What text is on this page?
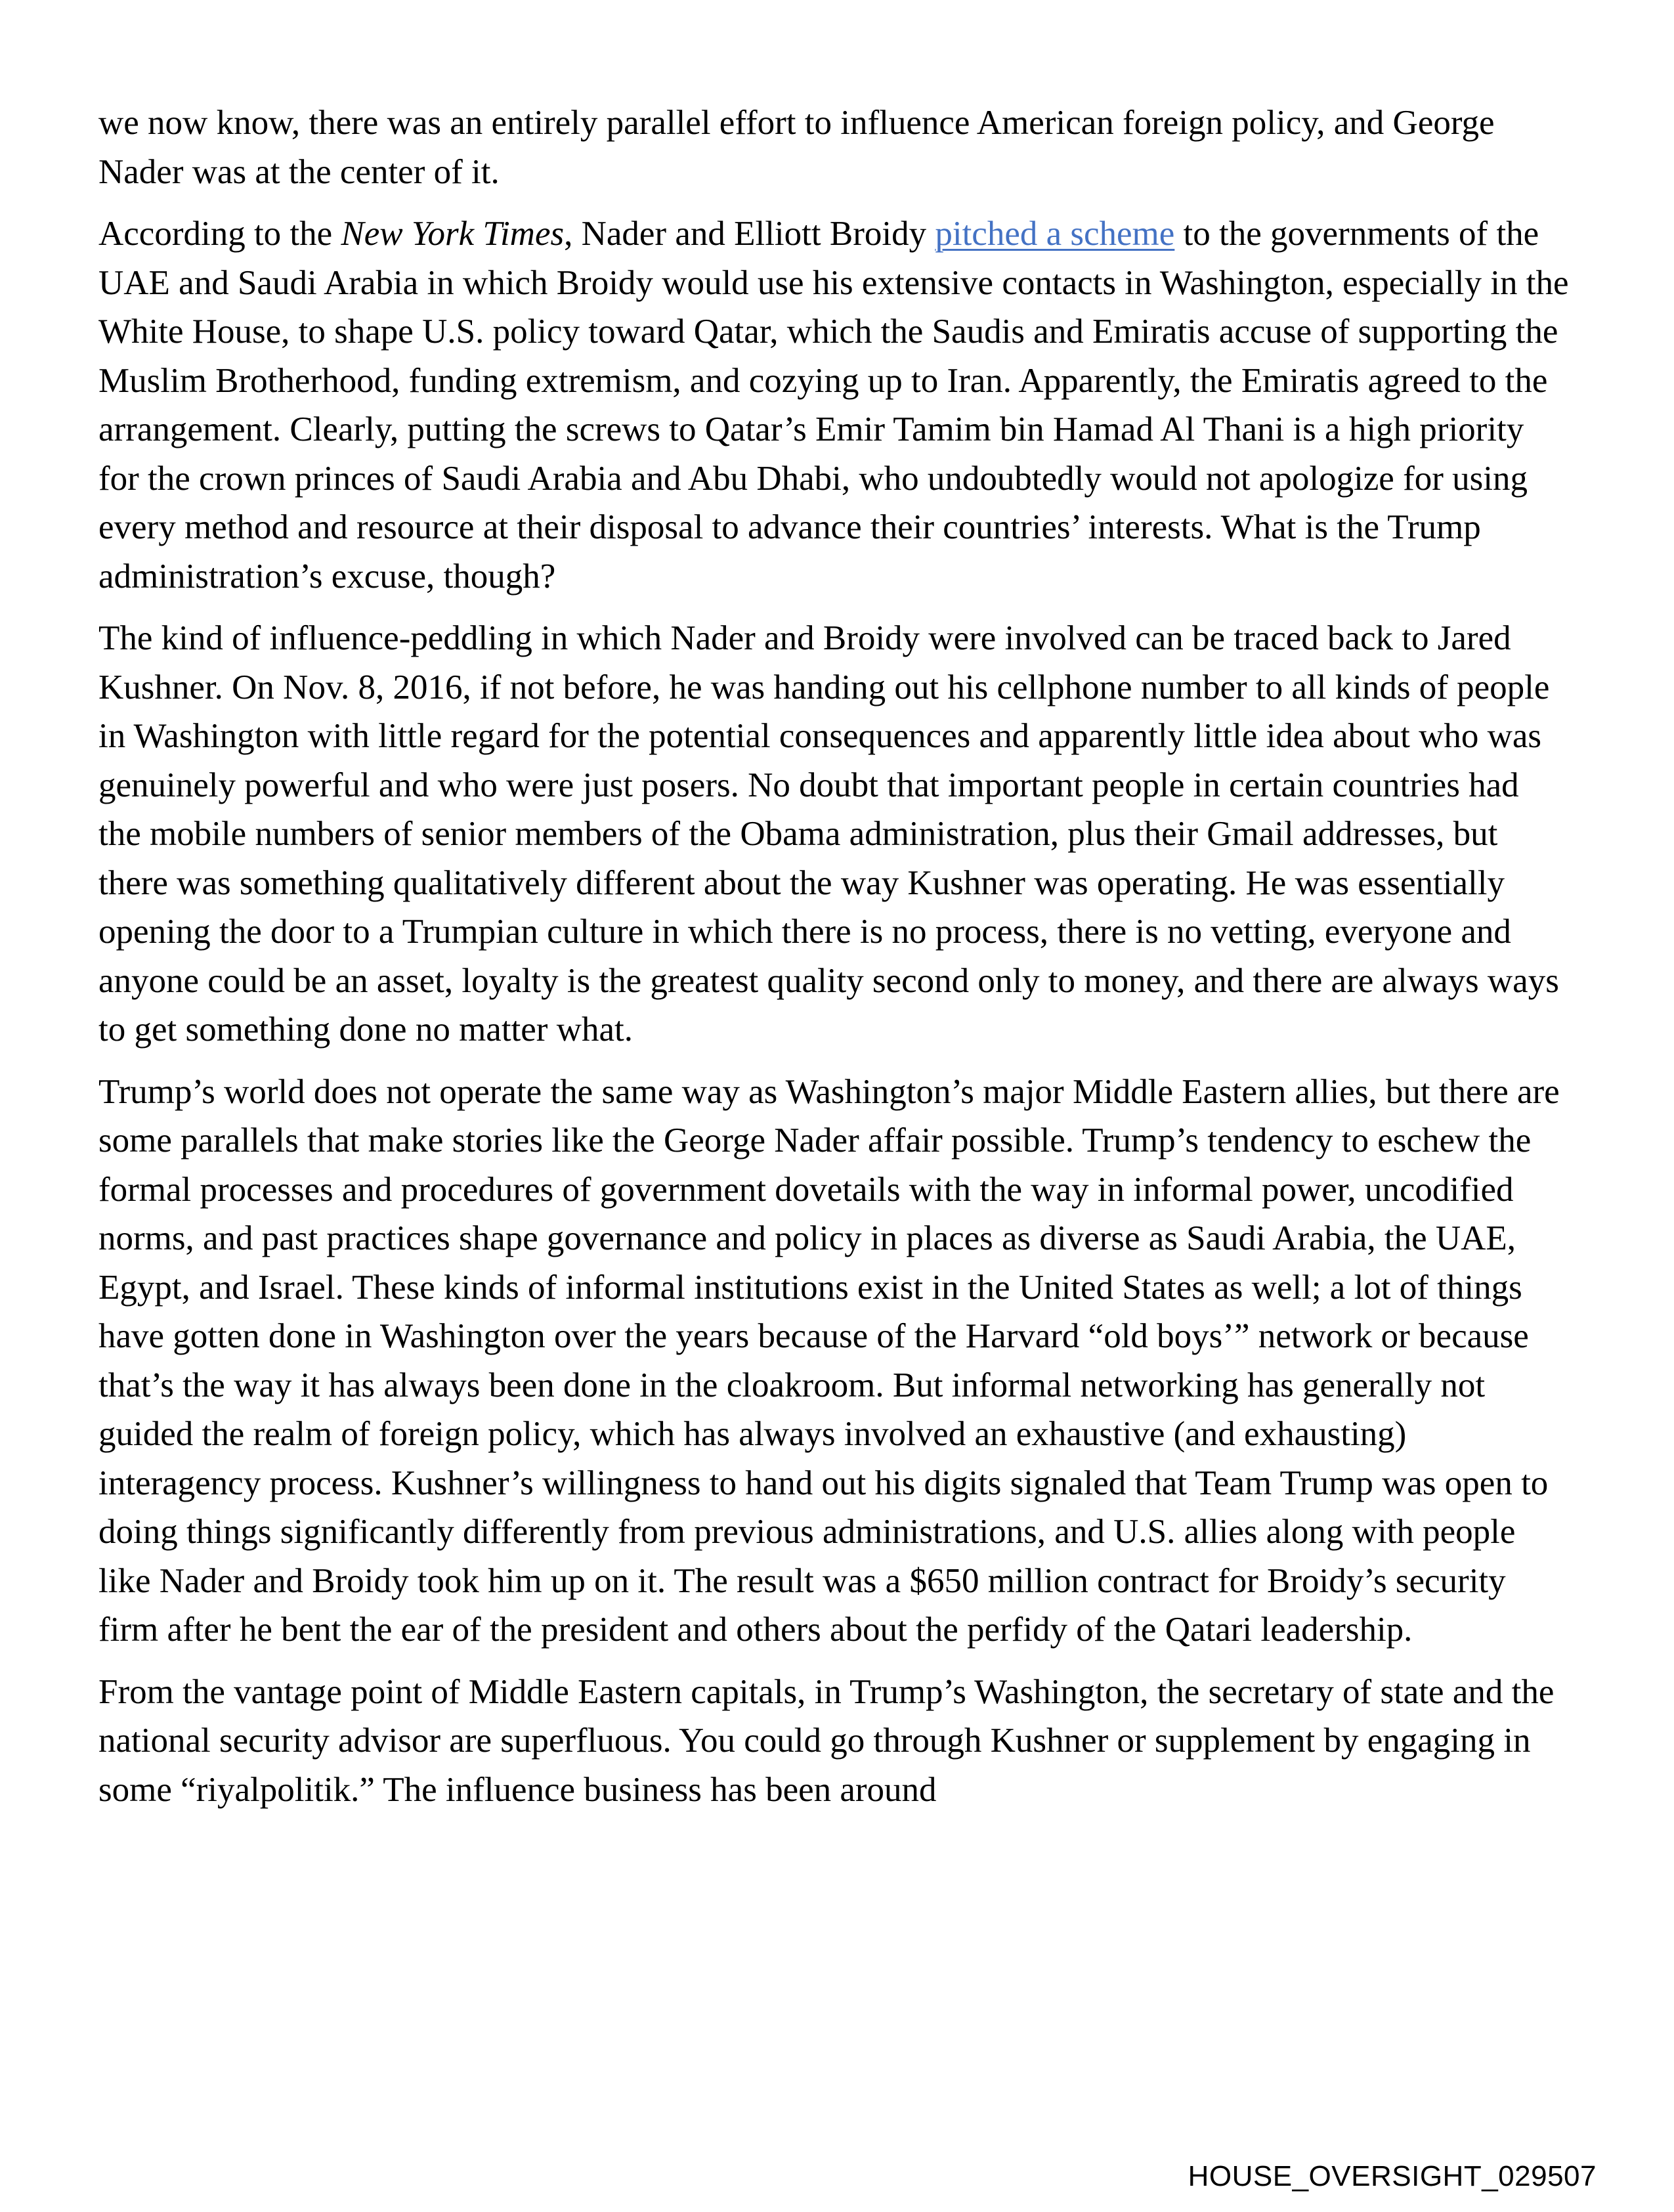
we now know, there was an entirely parallel effort to influence American foreign policy, and George Nader was at the center of it.

According to the New York Times, Nader and Elliott Broidy pitched a scheme to the governments of the UAE and Saudi Arabia in which Broidy would use his extensive contacts in Washington, especially in the White House, to shape U.S. policy toward Qatar, which the Saudis and Emiratis accuse of supporting the Muslim Brotherhood, funding extremism, and cozying up to Iran. Apparently, the Emiratis agreed to the arrangement. Clearly, putting the screws to Qatar’s Emir Tamim bin Hamad Al Thani is a high priority for the crown princes of Saudi Arabia and Abu Dhabi, who undoubtedly would not apologize for using every method and resource at their disposal to advance their countries’ interests. What is the Trump administration’s excuse, though?

The kind of influence-peddling in which Nader and Broidy were involved can be traced back to Jared Kushner. On Nov. 8, 2016, if not before, he was handing out his cellphone number to all kinds of people in Washington with little regard for the potential consequences and apparently little idea about who was genuinely powerful and who were just posers. No doubt that important people in certain countries had the mobile numbers of senior members of the Obama administration, plus their Gmail addresses, but there was something qualitatively different about the way Kushner was operating. He was essentially opening the door to a Trumpian culture in which there is no process, there is no vetting, everyone and anyone could be an asset, loyalty is the greatest quality second only to money, and there are always ways to get something done no matter what.

Trump’s world does not operate the same way as Washington’s major Middle Eastern allies, but there are some parallels that make stories like the George Nader affair possible. Trump’s tendency to eschew the formal processes and procedures of government dovetails with the way in informal power, uncodified norms, and past practices shape governance and policy in places as diverse as Saudi Arabia, the UAE, Egypt, and Israel. These kinds of informal institutions exist in the United States as well; a lot of things have gotten done in Washington over the years because of the Harvard “old boys’” network or because that’s the way it has always been done in the cloakroom. But informal networking has generally not guided the realm of foreign policy, which has always involved an exhaustive (and exhausting) interagency process. Kushner’s willingness to hand out his digits signaled that Team Trump was open to doing things significantly differently from previous administrations, and U.S. allies along with people like Nader and Broidy took him up on it. The result was a $650 million contract for Broidy’s security firm after he bent the ear of the president and others about the perfidy of the Qatari leadership.

From the vantage point of Middle Eastern capitals, in Trump’s Washington, the secretary of state and the national security advisor are superfluous. You could go through Kushner or supplement by engaging in some “riyalpolitik.” The influence business has been around

HOUSE_OVERSIGHT_029507
